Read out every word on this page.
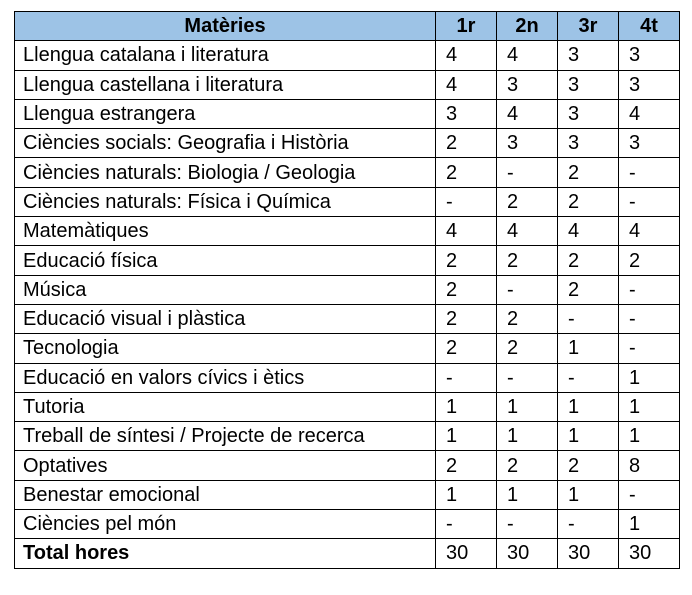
Matèries	1r	2n	3r	4t
Llengua catalana i literatura	4	4	3	3
Llengua castellana i literatura	4	3	3	3
Llengua estrangera	3	4	3	4
Ciències socials: Geografia i Història	2	3	3	3
Ciències naturals: Biologia / Geologia	2	-	2	-
Ciències naturals: Física i Química	-	2	2	-
Matemàtiques	4	4	4	4
Educació física	2	2	2	2
Música	2	-	2	-
Educació visual i plàstica	2	2	-	-
Tecnologia	2	2	1	-
Educació en valors cívics i ètics	-	-	-	1
Tutoria	1	1	1	1
Treball de síntesi / Projecte de recerca	1	1	1	1
Optatives	2	2	2	8
Benestar emocional	1	1	1	-
Ciències pel món	-	-	-	1
Total hores	30	30	30	30
